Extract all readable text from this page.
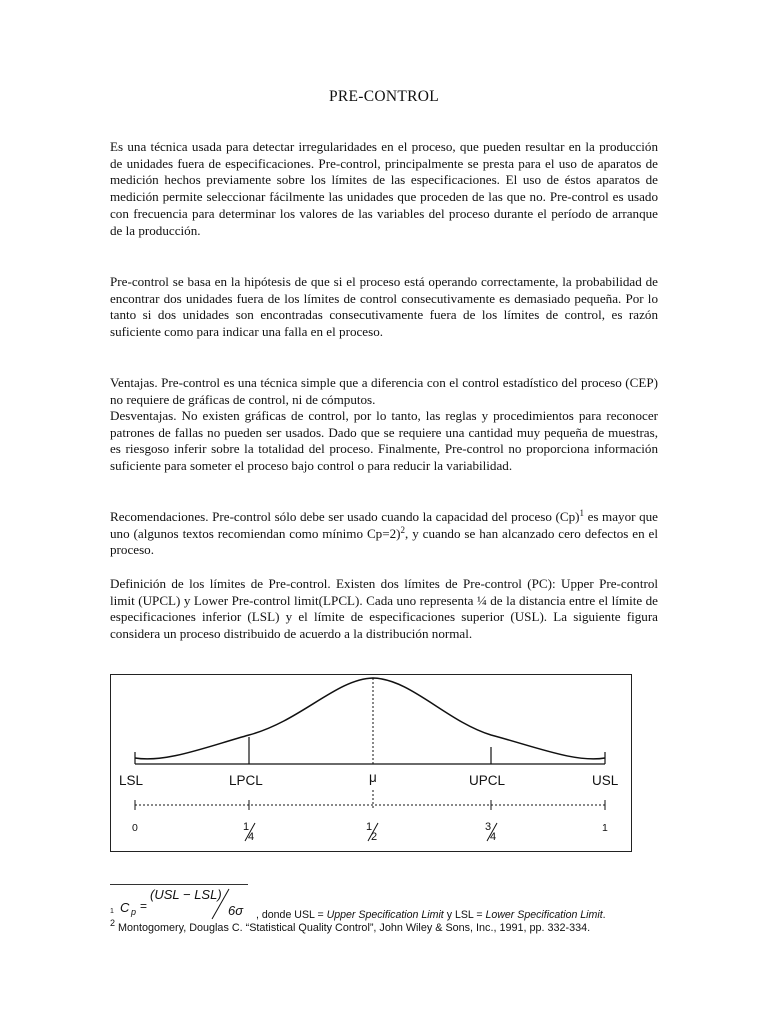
PRE-CONTROL

Es una técnica usada para detectar irregularidades en el proceso, que pueden resultar en la producción de unidades fuera de especificaciones. Pre-control, principalmente se presta para el uso de aparatos de medición hechos previamente sobre los límites de las especificaciones. El uso de éstos aparatos de medición permite seleccionar fácilmente las unidades que proceden de las que no. Pre-control es usado con frecuencia para determinar los valores de las variables del proceso durante el período de arranque de la producción.

Pre-control se basa en la hipótesis de que si el proceso está operando correctamente, la probabilidad de encontrar dos unidades fuera de los límites de control consecutivamente es demasiado pequeña. Por lo tanto si dos unidades son encontradas consecutivamente fuera de los límites de control, es razón suficiente como para indicar una falla en el proceso.

Ventajas. Pre-control es una técnica simple que a diferencia con el control estadístico del proceso (CEP) no requiere de gráficas de control, ni de cómputos.

Desventajas. No existen gráficas de control, por lo tanto, las reglas y procedimientos para reconocer patrones de fallas no pueden ser usados. Dado que se requiere una cantidad muy pequeña de muestras, es riesgoso inferir sobre la totalidad del proceso. Finalmente, Pre-control no proporciona información suficiente para someter el proceso bajo control o para reducir la variabilidad.

Recomendaciones. Pre-control sólo debe ser usado cuando la capacidad del proceso $(Cp)^1$ es mayor que uno (algunos textos recomiendan como mínimo Cp=2)$^2$, y cuando se han alcanzado cero defectos en el proceso.

Definición de los límites de Pre-control. Existen dos límites de Pre-control (PC): Upper Pre-control limit (UPCL) y Lower Pre-control limit(LPCL). Cada uno representa ¼ de la distancia entre el límite de especificaciones inferior (LSL) y el límite de especificaciones superior (USL). La siguiente figura considera un proceso distribuido de acuerdo a la distribución normal.

LSL	LPCL	μ	UPCL	USL
0	1
4
1
2
3
4
1
1 C p =
(USL − LSL)
6σ , donde USL = Upper Specification Limit y LSL = Lower Specification Limit.
$^2$ Montogomery, Douglas C. “Statistical Quality Control”, John Wiley & Sons, Inc., 1991, pp. 332-334.
